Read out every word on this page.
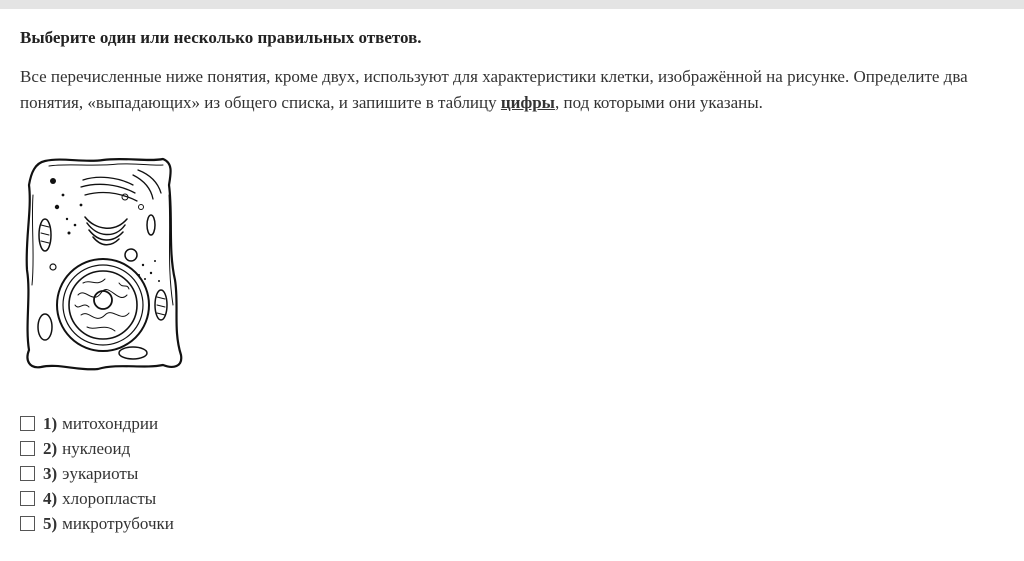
Выберите один или несколько правильных ответов.

Все перечисленные ниже понятия, кроме двух, используют для характеристики клетки, изображённой на рисунке. Определите два понятия, «выпадающих» из общего списка, и запишите в таблицу цифры, под которыми они указаны.

1) митохондрии
2) нуклеоид
3) эукариоты
4) хлоропласты
5) микротрубочки
